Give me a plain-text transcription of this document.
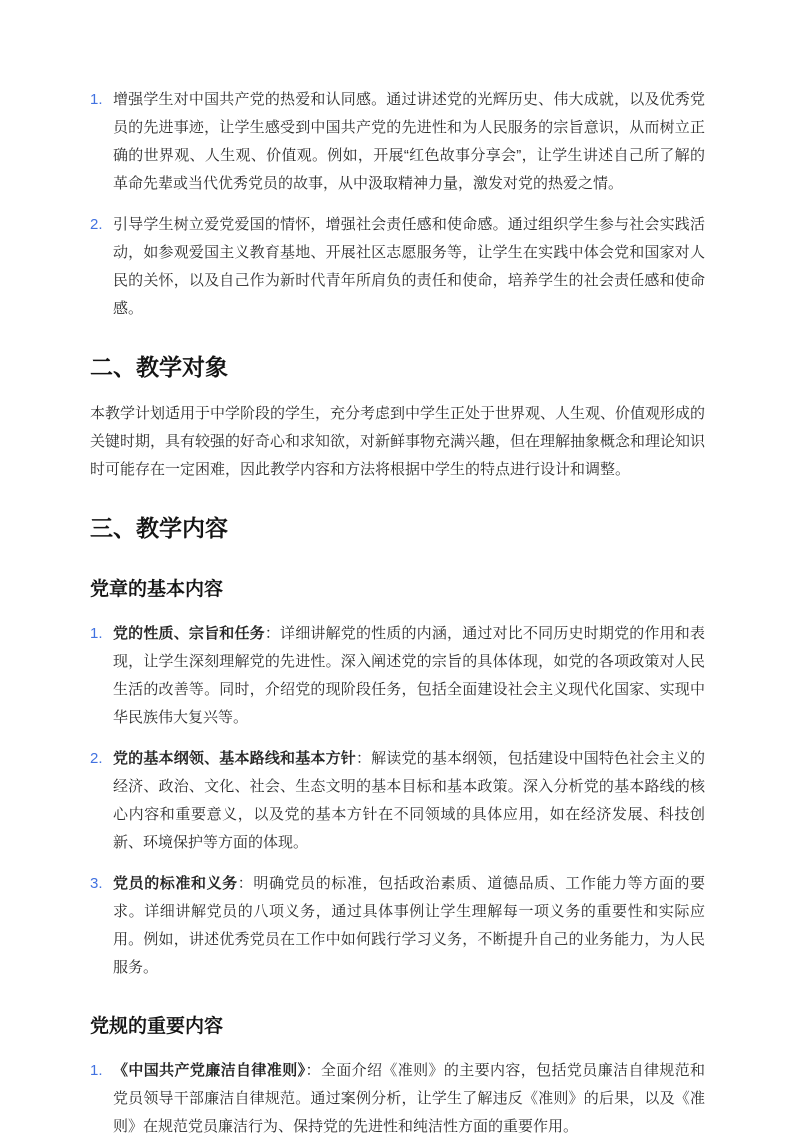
1. 增强学生对中国共产党的热爱和认同感。通过讲述党的光辉历史、伟大成就，以及优秀党员的先进事迹，让学生感受到中国共产党的先进性和为人民服务的宗旨意识，从而树立正确的世界观、人生观、价值观。例如，开展“红色故事分享会”，让学生讲述自己所了解的革命先辈或当代优秀党员的故事，从中汲取精神力量，激发对党的热爱之情。
2. 引导学生树立爱党爱国的情怀，增强社会责任感和使命感。通过组织学生参与社会实践活动，如参观爱国主义教育基地、开展社区志愿服务等，让学生在实践中体会党和国家对人民的关怀，以及自己作为新时代青年所肩负的责任和使命，培养学生的社会责任感和使命感。
二、教学对象

本教学计划适用于中学阶段的学生，充分考虑到中学生正处于世界观、人生观、价值观形成的关键时期，具有较强的好奇心和求知欲，对新鲜事物充满兴趣，但在理解抽象概念和理论知识时可能存在一定困难，因此教学内容和方法将根据中学生的特点进行设计和调整。

三、教学内容
党章的基本内容
1. 党的性质、宗旨和任务：详细讲解党的性质的内涵，通过对比不同历史时期党的作用和表现，让学生深刻理解党的先进性。深入阐述党的宗旨的具体体现，如党的各项政策对人民生活的改善等。同时，介绍党的现阶段任务，包括全面建设社会主义现代化国家、实现中华民族伟大复兴等。
2. 党的基本纲领、基本路线和基本方针：解读党的基本纲领，包括建设中国特色社会主义的经济、政治、文化、社会、生态文明的基本目标和基本政策。深入分析党的基本路线的核心内容和重要意义，以及党的基本方针在不同领域的具体应用，如在经济发展、科技创新、环境保护等方面的体现。
3. 党员的标准和义务：明确党员的标准，包括政治素质、道德品质、工作能力等方面的要求。详细讲解党员的八项义务，通过具体事例让学生理解每一项义务的重要性和实际应用。例如，讲述优秀党员在工作中如何践行学习义务，不断提升自己的业务能力，为人民服务。
党规的重要内容
1. 《中国共产党廉洁自律准则》：全面介绍《准则》的主要内容，包括党员廉洁自律规范和党员领导干部廉洁自律规范。通过案例分析，让学生了解违反《准则》的后果，以及《准则》在规范党员廉洁行为、保持党的先进性和纯洁性方面的重要作用。
